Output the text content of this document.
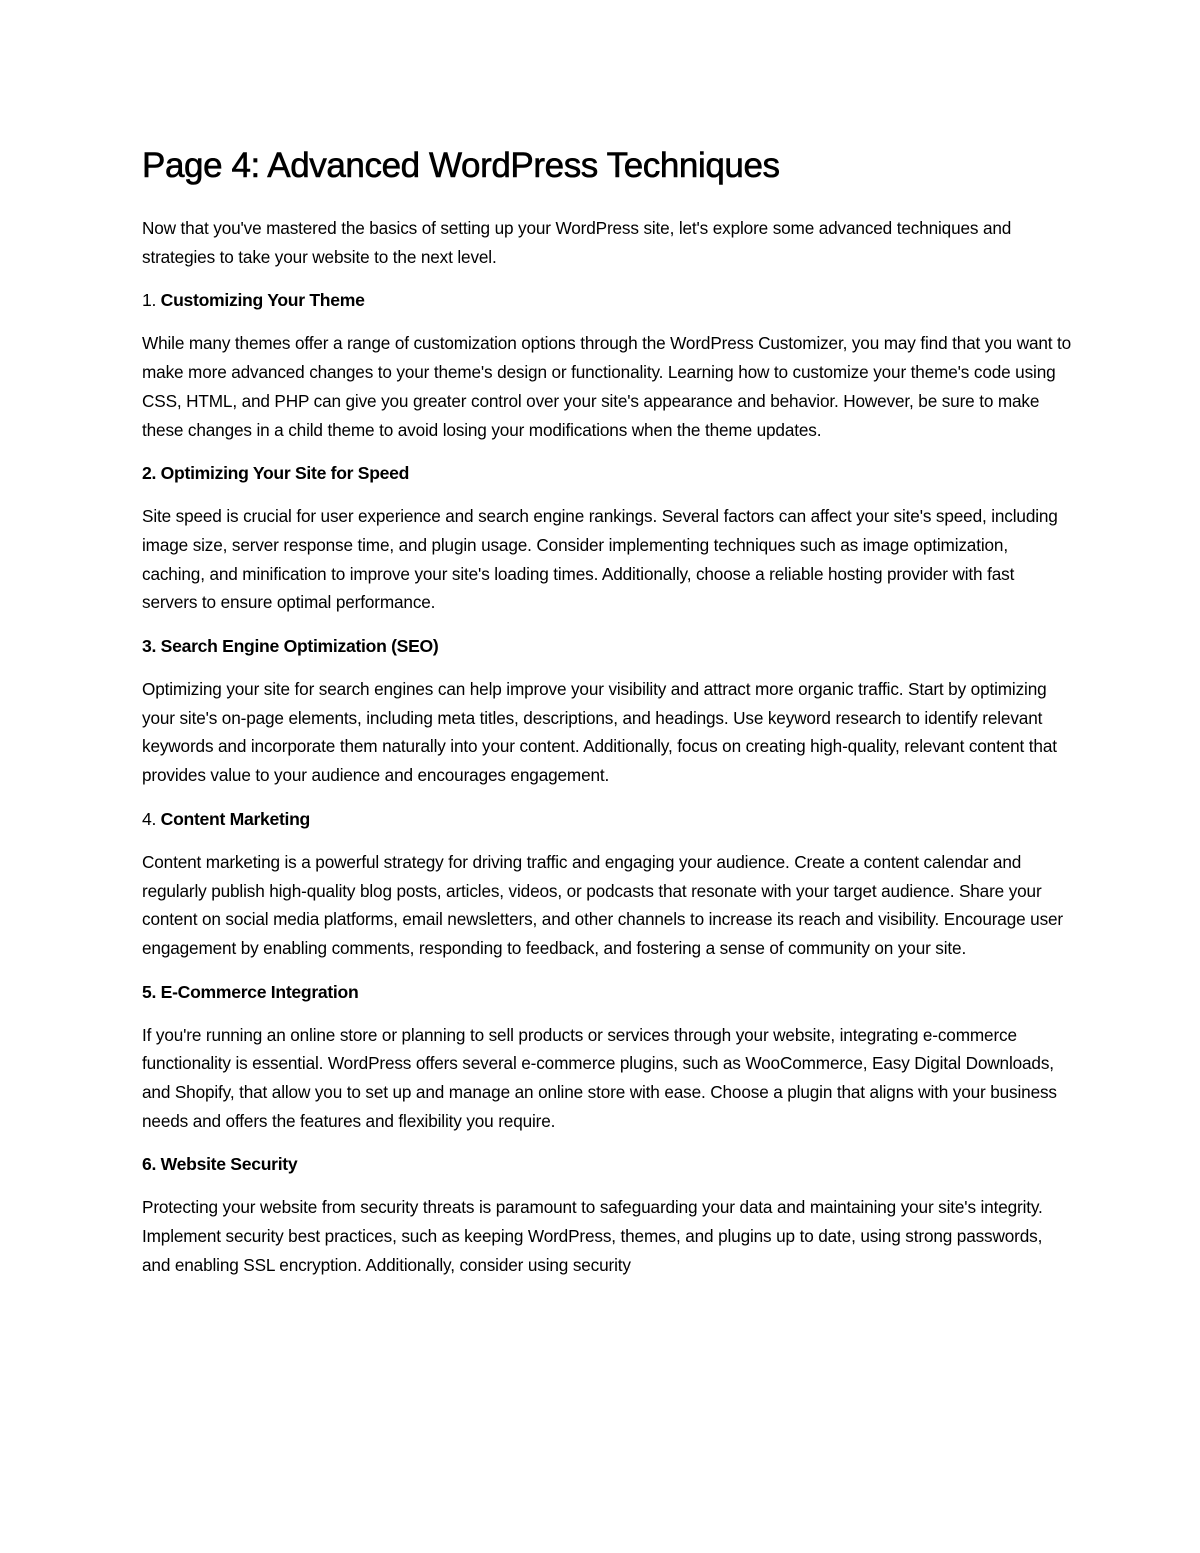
Page 4: Advanced WordPress Techniques

Now that you've mastered the basics of setting up your WordPress site, let's explore some advanced techniques and strategies to take your website to the next level.

1. Customizing Your Theme

While many themes offer a range of customization options through the WordPress Customizer, you may find that you want to make more advanced changes to your theme's design or functionality. Learning how to customize your theme's code using CSS, HTML, and PHP can give you greater control over your site's appearance and behavior. However, be sure to make these changes in a child theme to avoid losing your modifications when the theme updates.

2. Optimizing Your Site for Speed

Site speed is crucial for user experience and search engine rankings. Several factors can affect your site's speed, including image size, server response time, and plugin usage. Consider implementing techniques such as image optimization, caching, and minification to improve your site's loading times. Additionally, choose a reliable hosting provider with fast servers to ensure optimal performance.

3. Search Engine Optimization (SEO)

Optimizing your site for search engines can help improve your visibility and attract more organic traffic. Start by optimizing your site's on-page elements, including meta titles, descriptions, and headings. Use keyword research to identify relevant keywords and incorporate them naturally into your content. Additionally, focus on creating high-quality, relevant content that provides value to your audience and encourages engagement.

4. Content Marketing

Content marketing is a powerful strategy for driving traffic and engaging your audience. Create a content calendar and regularly publish high-quality blog posts, articles, videos, or podcasts that resonate with your target audience. Share your content on social media platforms, email newsletters, and other channels to increase its reach and visibility. Encourage user engagement by enabling comments, responding to feedback, and fostering a sense of community on your site.

5. E-Commerce Integration

If you're running an online store or planning to sell products or services through your website, integrating e-commerce functionality is essential. WordPress offers several e-commerce plugins, such as WooCommerce, Easy Digital Downloads, and Shopify, that allow you to set up and manage an online store with ease. Choose a plugin that aligns with your business needs and offers the features and flexibility you require.

6. Website Security

Protecting your website from security threats is paramount to safeguarding your data and maintaining your site's integrity. Implement security best practices, such as keeping WordPress, themes, and plugins up to date, using strong passwords, and enabling SSL encryption. Additionally, consider using security
